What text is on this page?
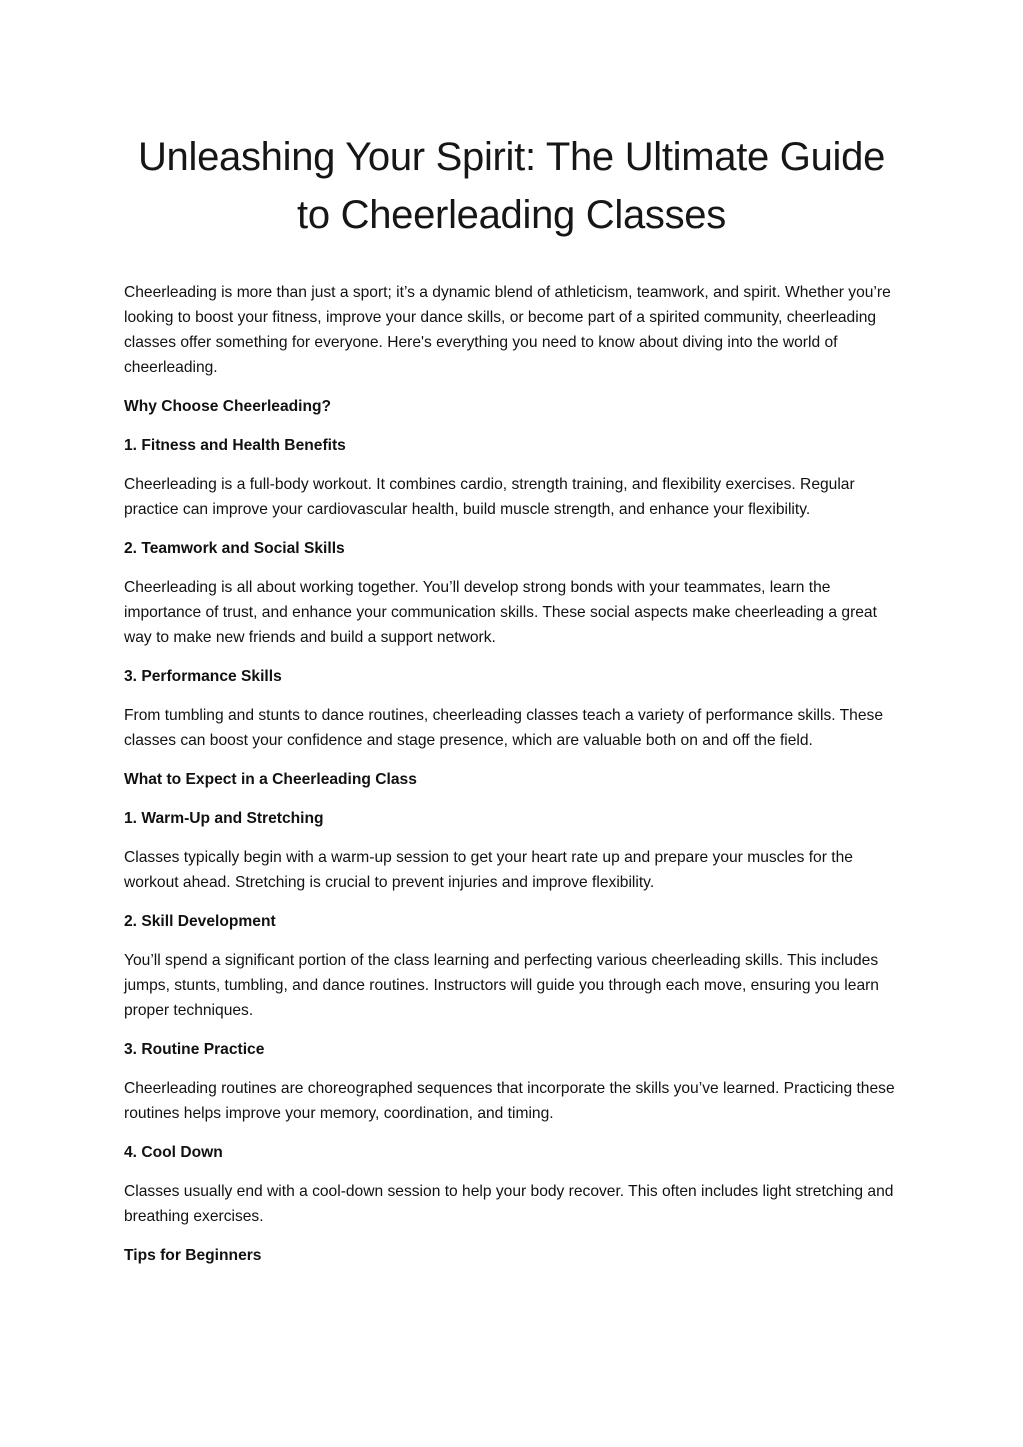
Unleashing Your Spirit: The Ultimate Guide to Cheerleading Classes

Cheerleading is more than just a sport; it’s a dynamic blend of athleticism, teamwork, and spirit. Whether you’re looking to boost your fitness, improve your dance skills, or become part of a spirited community, cheerleading classes offer something for everyone. Here's everything you need to know about diving into the world of cheerleading.

Why Choose Cheerleading?

1. Fitness and Health Benefits

Cheerleading is a full-body workout. It combines cardio, strength training, and flexibility exercises. Regular practice can improve your cardiovascular health, build muscle strength, and enhance your flexibility.

2. Teamwork and Social Skills

Cheerleading is all about working together. You’ll develop strong bonds with your teammates, learn the importance of trust, and enhance your communication skills. These social aspects make cheerleading a great way to make new friends and build a support network.

3. Performance Skills

From tumbling and stunts to dance routines, cheerleading classes teach a variety of performance skills. These classes can boost your confidence and stage presence, which are valuable both on and off the field.

What to Expect in a Cheerleading Class

1. Warm-Up and Stretching

Classes typically begin with a warm-up session to get your heart rate up and prepare your muscles for the workout ahead. Stretching is crucial to prevent injuries and improve flexibility.

2. Skill Development

You’ll spend a significant portion of the class learning and perfecting various cheerleading skills. This includes jumps, stunts, tumbling, and dance routines. Instructors will guide you through each move, ensuring you learn proper techniques.

3. Routine Practice

Cheerleading routines are choreographed sequences that incorporate the skills you’ve learned. Practicing these routines helps improve your memory, coordination, and timing.

4. Cool Down

Classes usually end with a cool-down session to help your body recover. This often includes light stretching and breathing exercises.

Tips for Beginners
